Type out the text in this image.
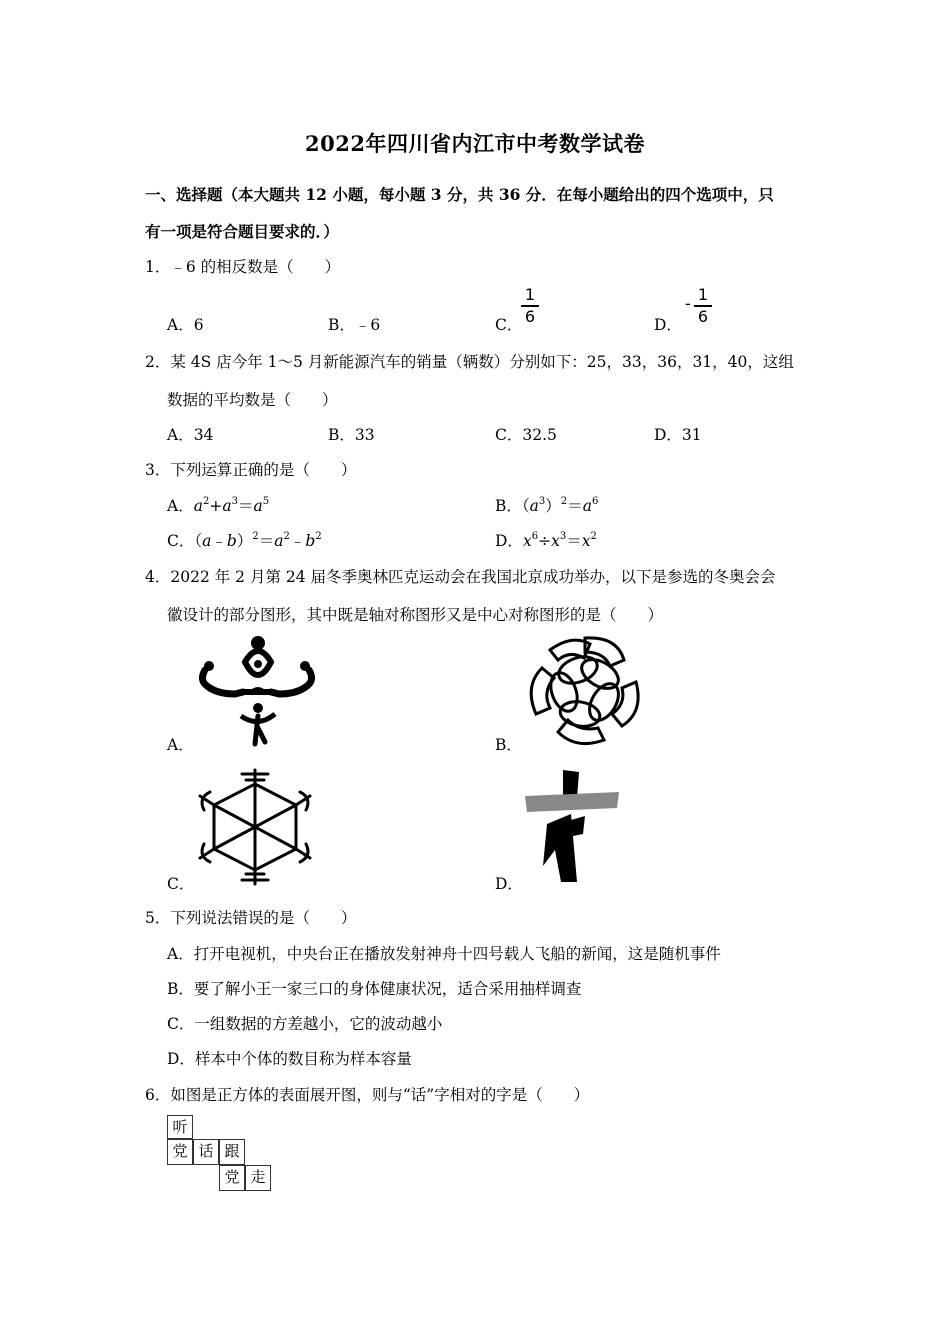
2022年四川省内江市中考数学试卷
一、选择题（本大题共 12 小题，每小题 3 分，共 36 分．在每小题给出的四个选项中，只
有一项是符合题目要求的．）
1．﹣6 的相反数是（　　）
A．6	B．﹣6	C．
1
6	D．
- 1
6
2．某 4S 店今年 1～5 月新能源汽车的销量（辆数）分别如下：25，33，36，31，40，这组
数据的平均数是（　　）
A．34	B．33	C．32.5	D．31
3．下列运算正确的是（　　）
A．$a^2+a^3=a^5$	B．$(a^3)^2=a^6$
C．$(a﹣b)^2=a^2﹣b^2$	D．$x^6\div x^3=x^2$
4．2022 年 2 月第 24 届冬季奥林匹克运动会在我国北京成功举办，以下是参选的冬奥会会
徽设计的部分图形，其中既是轴对称图形又是中心对称图形的是（　　）
A．	B．
C．	D．
5．下列说法错误的是（　　）
A．打开电视机，中央台正在播放发射神舟十四号载人飞船的新闻，这是随机事件
B．要了解小王一家三口的身体健康状况，适合采用抽样调查
C．一组数据的方差越小，它的波动越小
D．样本中个体的数目称为样本容量
6．如图是正方体的表面展开图，则与“话”字相对的字是（　　）
听
党 话 跟
党 走
